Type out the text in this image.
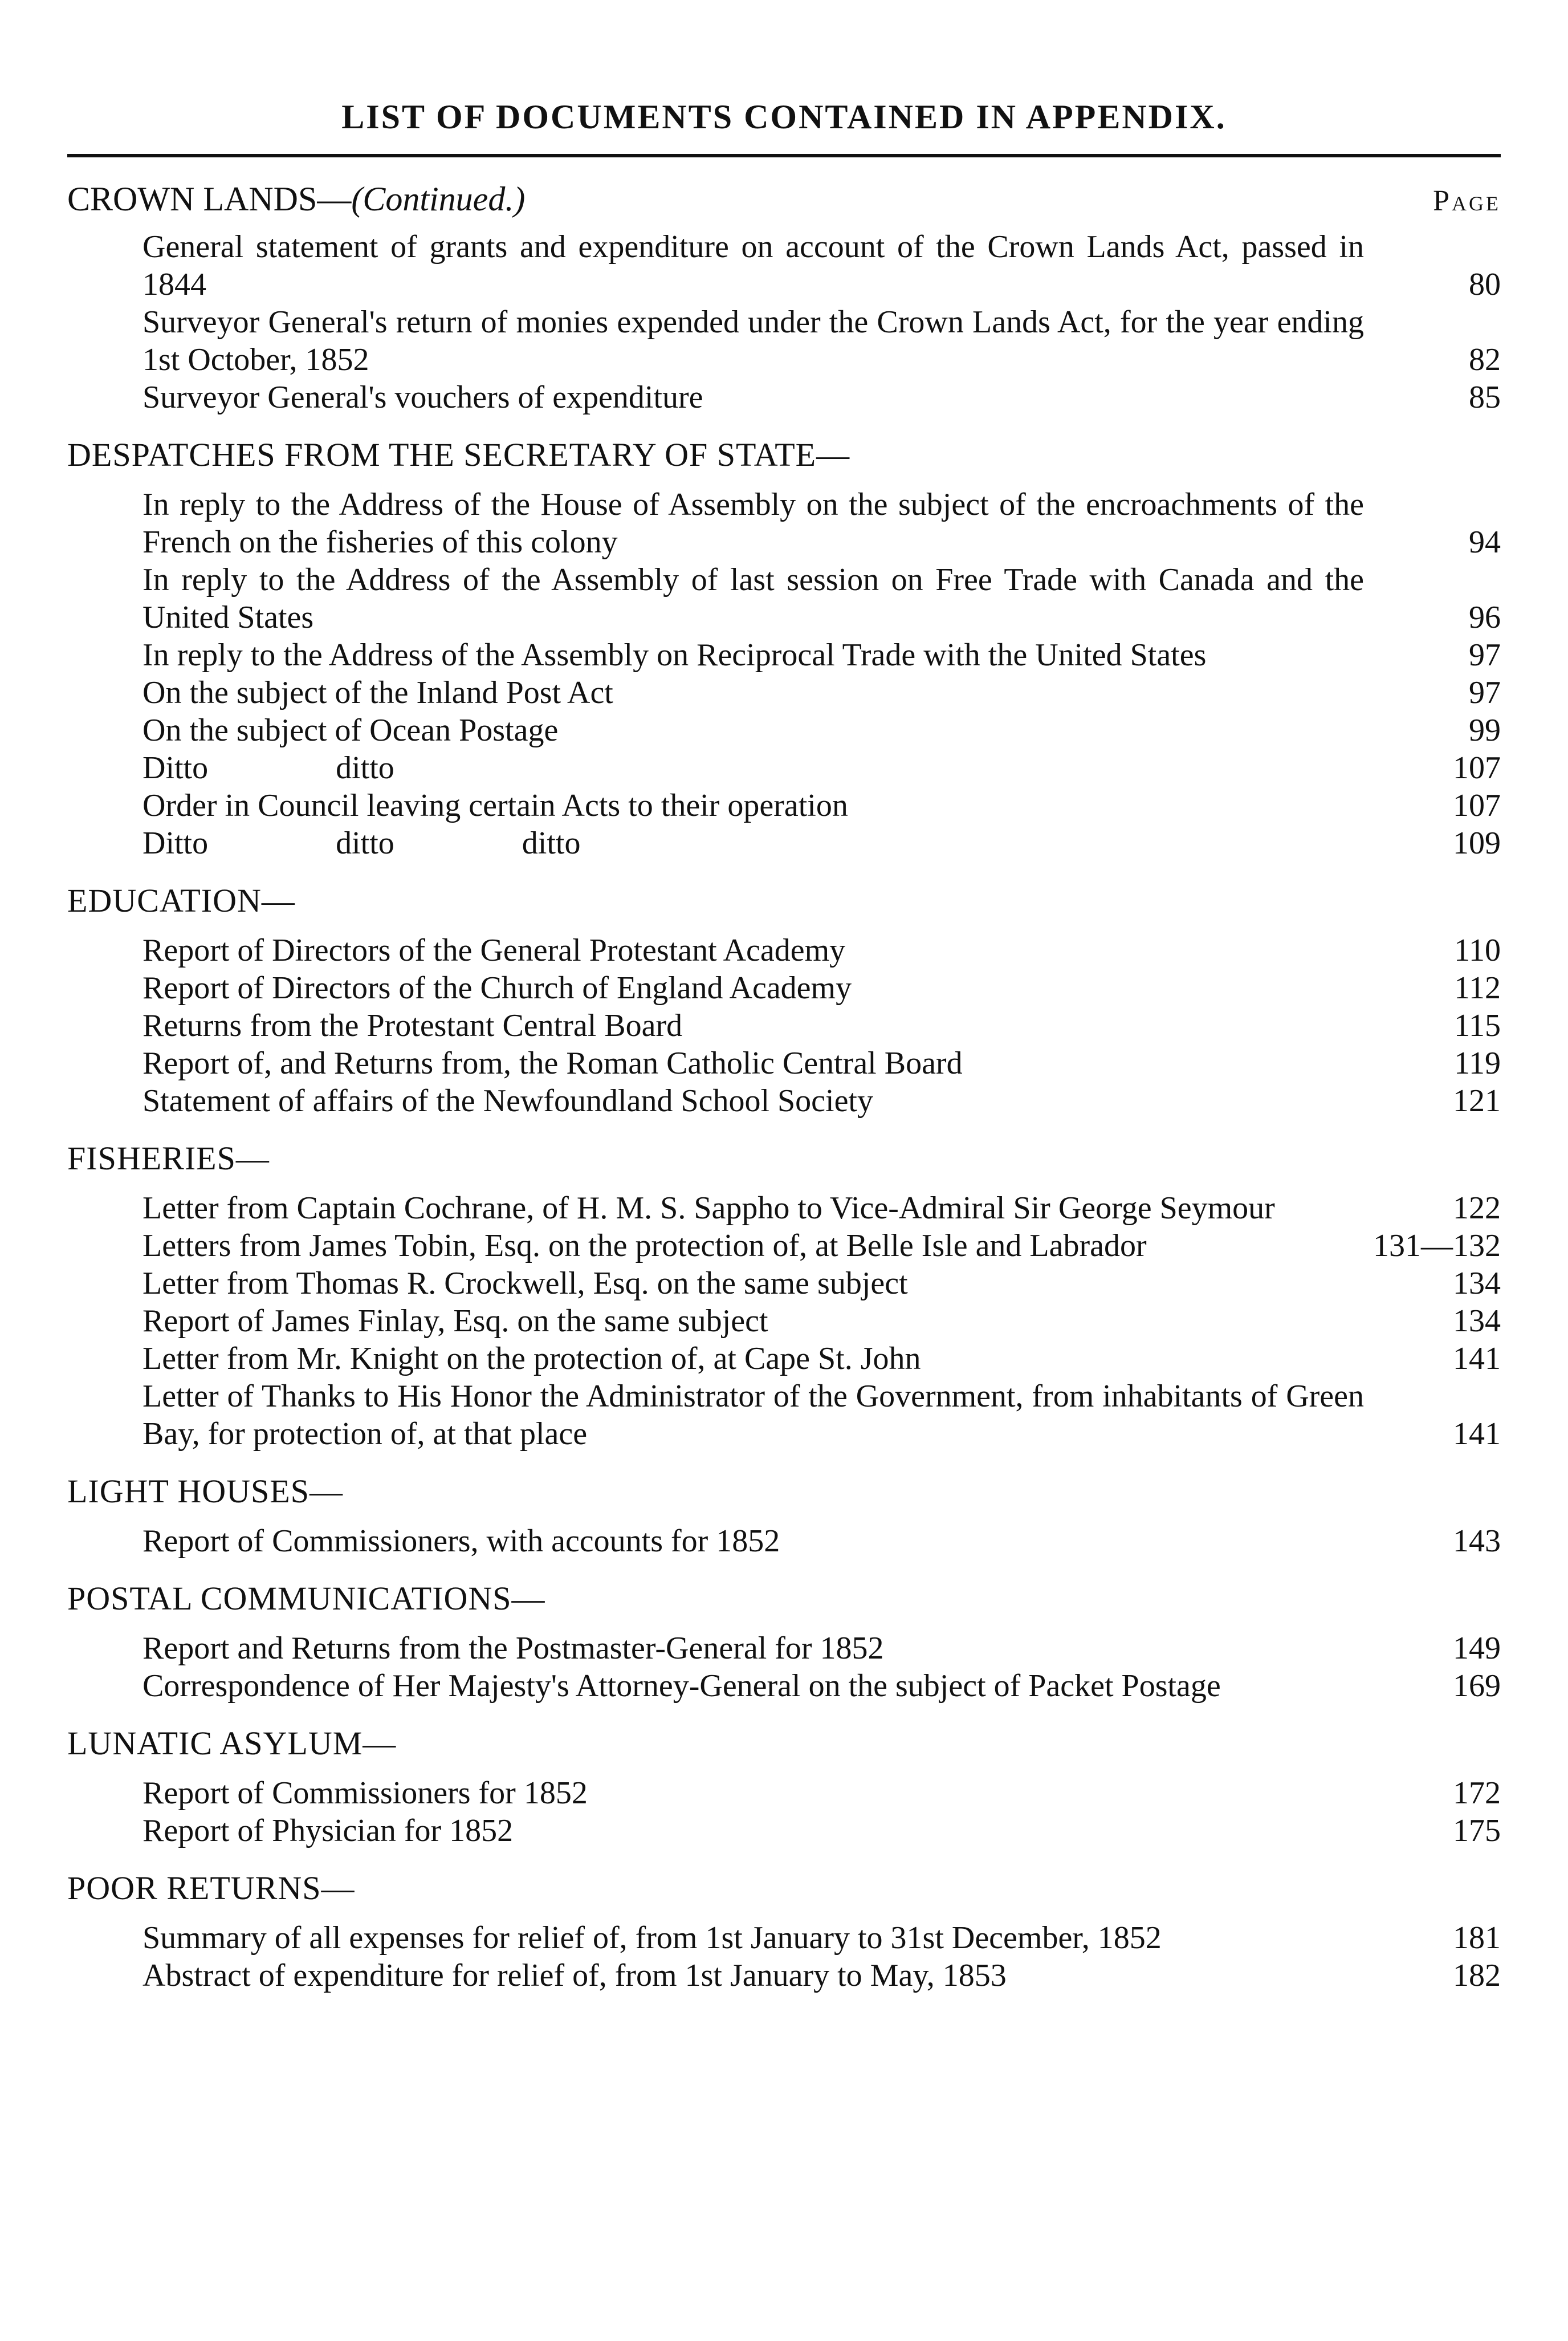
LIST OF DOCUMENTS CONTAINED IN APPENDIX.
CROWN LANDS—(Continued.)	Page
General statement of grants and expenditure on account of the Crown Lands Act, passed in 1844	80
Surveyor General's return of monies expended under the Crown Lands Act, for the year ending 1st October, 1852	82
Surveyor General's vouchers of expenditure	85
DESPATCHES FROM THE SECRETARY OF STATE—
In reply to the Address of the House of Assembly on the subject of the encroachments of the French on the fisheries of this colony	94
In reply to the Address of the Assembly of last session on Free Trade with Canada and the United States	96
In reply to the Address of the Assembly on Reciprocal Trade with the United States	97
On the subject of the Inland Post Act	97
On the subject of Ocean Postage	99
Ditto                ditto	107
Order in Council leaving certain Acts to their operation	107
Ditto                ditto                ditto	109
EDUCATION—
Report of Directors of the General Protestant Academy	110
Report of Directors of the Church of England Academy	112
Returns from the Protestant Central Board	115
Report of, and Returns from, the Roman Catholic Central Board	119
Statement of affairs of the Newfoundland School Society	121
FISHERIES—
Letter from Captain Cochrane, of H. M. S. Sappho to Vice-Admiral Sir George Seymour	122
Letters from James Tobin, Esq. on the protection of, at Belle Isle and Labrador	131—132
Letter from Thomas R. Crockwell, Esq. on the same subject	134
Report of James Finlay, Esq. on the same subject	134
Letter from Mr. Knight on the protection of, at Cape St. John	141
Letter of Thanks to His Honor the Administrator of the Government, from inhabitants of Green Bay, for protection of, at that place	141
LIGHT HOUSES—
Report of Commissioners, with accounts for 1852	143
POSTAL COMMUNICATIONS—
Report and Returns from the Postmaster-General for 1852	149
Correspondence of Her Majesty's Attorney-General on the subject of Packet Postage	169
LUNATIC ASYLUM—
Report of Commissioners for 1852	172
Report of Physician for 1852	175
POOR RETURNS—
Summary of all expenses for relief of, from 1st January to 31st December, 1852	181
Abstract of expenditure for relief of, from 1st January to May, 1853	182
